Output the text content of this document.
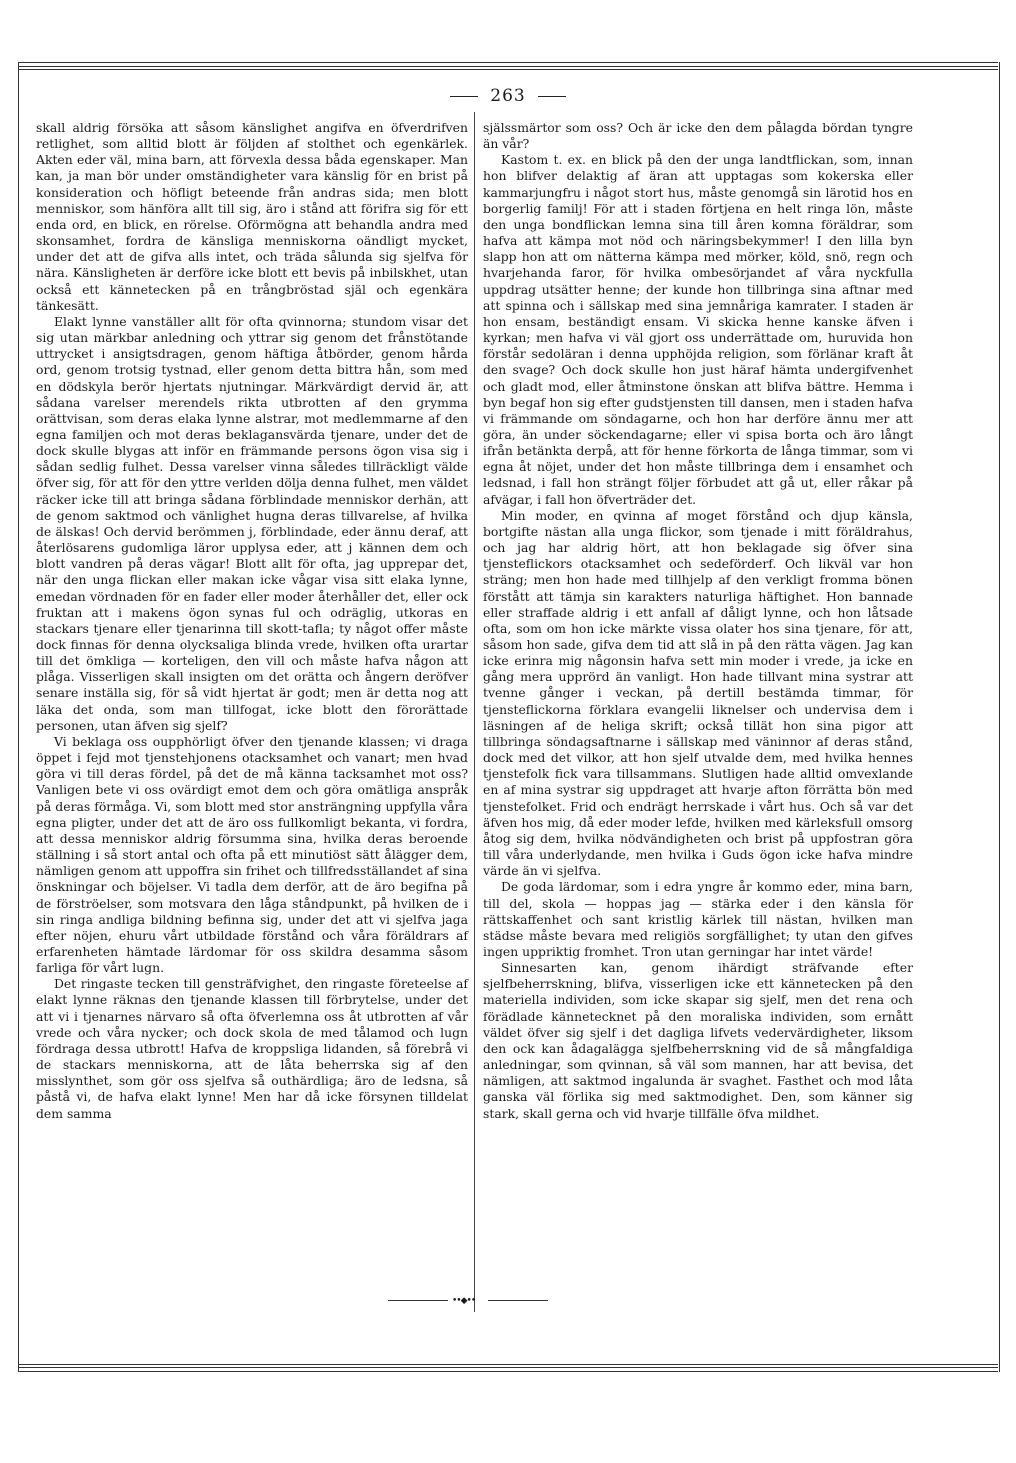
263

skall aldrig försöka att såsom känslighet angifva en öfverdrifven retlighet, som alltid blott är följden af stolthet och egenkärlek. Akten eder väl, mina barn, att förvexla dessa båda egenskaper. Man kan, ja man bör under omständigheter vara känslig för en brist på konsideration och höfligt beteende från andras sida; men blott menniskor, som hänföra allt till sig, äro i stånd att förifra sig för ett enda ord, en blick, en rörelse. Oförmögna att behandla andra med skonsamhet, fordra de känsliga menniskorna oändligt mycket, under det att de gifva alls intet, och träda sålunda sig sjelfva för nära. Känsligheten är derföre icke blott ett bevis på inbilskhet, utan också ett kännetecken på en trångbröstad själ och egenkära tänkesätt.

Elakt lynne vanställer allt för ofta qvinnorna; stundom visar det sig utan märkbar anledning och yttrar sig genom det frånstötande uttrycket i ansigtsdragen, genom häftiga åtbörder, genom hårda ord, genom trotsig tystnad, eller genom detta bittra hån, som med en dödskyla berör hjertats njutningar. Märkvärdigt dervid är, att sådana varelser merendels rikta utbrotten af den grymma orättvisan, som deras elaka lynne alstrar, mot medlemmarne af den egna familjen och mot deras beklagansvärda tjenare, under det de dock skulle blygas att inför en främmande persons ögon visa sig i sådan sedlig fulhet. Dessa varelser vinna således tillräckligt välde öfver sig, för att för den yttre verlden dölja denna fulhet, men väldet räcker icke till att bringa sådana förblindade menniskor derhän, att de genom saktmod och vänlighet hugna deras tillvarelse, af hvilka de älskas! Och dervid berömmen j, förblindade, eder ännu deraf, att återlösarens gudomliga läror upplysa eder, att j kännen dem och blott vandren på deras vägar! Blott allt för ofta, jag upprepar det, när den unga flickan eller makan icke vågar visa sitt elaka lynne, emedan vördnaden för en fader eller moder återhåller det, eller ock fruktan att i makens ögon synas ful och odräglig, utkoras en stackars tjenare eller tjenarinna till skott-tafla; ty något offer måste dock finnas för denna olycksaliga blinda vrede, hvilken ofta urartar till det ömkliga — korteligen, den vill och måste hafva någon att plåga. Visserligen skall insigten om det orätta och ångern deröfver senare inställa sig, för så vidt hjertat är godt; men är detta nog att läka det onda, som man tillfogat, icke blott den förorättade personen, utan äfven sig sjelf?

Vi beklaga oss oupphörligt öfver den tjenande klassen; vi draga öppet i fejd mot tjenstehjonens otacksamhet och vanart; men hvad göra vi till deras fördel, på det de må känna tacksamhet mot oss? Vanligen bete vi oss ovärdigt emot dem och göra omätliga anspråk på deras förmåga. Vi, som blott med stor ansträngning uppfylla våra egna pligter, under det att de äro oss fullkomligt bekanta, vi fordra, att dessa menniskor aldrig försumma sina, hvilka deras beroende ställning i så stort antal och ofta på ett minutiöst sätt ålägger dem, nämligen genom att uppoffra sin frihet och tillfredsställandet af sina önskningar och böjelser. Vi tadla dem derför, att de äro begifna på de förströelser, som motsvara den låga ståndpunkt, på hvilken de i sin ringa andliga bildning befinna sig, under det att vi sjelfva jaga efter nöjen, ehuru vårt utbildade förstånd och våra föräldrars af erfarenheten hämtade lärdomar för oss skildra desamma såsom farliga för vårt lugn.

Det ringaste tecken till gensträfvighet, den ringaste företeelse af elakt lynne räknas den tjenande klassen till förbrytelse, under det att vi i tjenarnes närvaro så ofta öfverlemna oss åt utbrotten af vår vrede och våra nycker; och dock skola de med tålamod och lugn fördraga dessa utbrott! Hafva de kroppsliga lidanden, så förebrå vi de stackars menniskorna, att de låta beherrska sig af den misslynthet, som gör oss sjelfva så outhärdliga; äro de ledsna, så påstå vi, de hafva elakt lynne! Men har då icke försynen tilldelat dem samma

själssmärtor som oss? Och är icke den dem pålagda bördan tyngre än vår?

Kastom t. ex. en blick på den der unga landtflickan, som, innan hon blifver delaktig af äran att upptagas som kokerska eller kammarjungfru i något stort hus, måste genomgå sin lärotid hos en borgerlig familj! För att i staden förtjena en helt ringa lön, måste den unga bondflickan lemna sina till åren komna föräldrar, som hafva att kämpa mot nöd och näringsbekymmer! I den lilla byn slapp hon att om nätterna kämpa med mörker, köld, snö, regn och hvarjehanda faror, för hvilka ombesörjandet af våra nyckfulla uppdrag utsätter henne; der kunde hon tillbringa sina aftnar med att spinna och i sällskap med sina jemnåriga kamrater. I staden är hon ensam, beständigt ensam. Vi skicka henne kanske äfven i kyrkan; men hafva vi väl gjort oss underrättade om, huruvida hon förstår sedoläran i denna upphöjda religion, som förlänar kraft åt den svage? Och dock skulle hon just häraf hämta undergifvenhet och gladt mod, eller åtminstone önskan att blifva bättre. Hemma i byn begaf hon sig efter gudstjensten till dansen, men i staden hafva vi främmande om söndagarne, och hon har derföre ännu mer att göra, än under söckendagarne; eller vi spisa borta och äro långt ifrån betänkta derpå, att för henne förkorta de långa timmar, som vi egna åt nöjet, under det hon måste tillbringa dem i ensamhet och ledsnad, i fall hon strängt följer förbudet att gå ut, eller råkar på afvägar, i fall hon öfverträder det.

Min moder, en qvinna af moget förstånd och djup känsla, bortgifte nästan alla unga flickor, som tjenade i mitt föräldrahus, och jag har aldrig hört, att hon beklagade sig öfver sina tjensteflickors otacksamhet och sedeförderf. Och likväl var hon sträng; men hon hade med tillhjelp af den verkligt fromma bönen förstått att tämja sin karakters naturliga häftighet. Hon bannade eller straffade aldrig i ett anfall af dåligt lynne, och hon låtsade ofta, som om hon icke märkte vissa olater hos sina tjenare, för att, såsom hon sade, gifva dem tid att slå in på den rätta vägen. Jag kan icke erinra mig någonsin hafva sett min moder i vrede, ja icke en gång mera upprörd än vanligt. Hon hade tillvant mina systrar att tvenne gånger i veckan, på dertill bestämda timmar, för tjensteflickorna förklara evangelii liknelser och undervisa dem i läsningen af de heliga skrift; också tillät hon sina pigor att tillbringa söndagsaftnarne i sällskap med väninnor af deras stånd, dock med det vilkor, att hon sjelf utvalde dem, med hvilka hennes tjenstefolk fick vara tillsammans. Slutligen hade alltid omvexlande en af mina systrar sig uppdraget att hvarje afton förrätta bön med tjenstefolket. Frid och endrägt herrskade i vårt hus. Och så var det äfven hos mig, då eder moder lefde, hvilken med kärleksfull omsorg åtog sig dem, hvilka nödvändigheten och brist på uppfostran göra till våra underlydande, men hvilka i Guds ögon icke hafva mindre värde än vi sjelfva.

De goda lärdomar, som i edra yngre år kommo eder, mina barn, till del, skola — hoppas jag — stärka eder i den känsla för rättskaffenhet och sant kristlig kärlek till nästan, hvilken man städse måste bevara med religiös sorgfällighet; ty utan den gifves ingen uppriktig fromhet. Tron utan gerningar har intet värde!

Sinnesarten kan, genom ihärdigt sträfvande efter sjelfbeherrskning, blifva, visserligen icke ett kännetecken på den materiella individen, som icke skapar sig sjelf, men det rena och förädlade kännetecknet på den moraliska individen, som ernått väldet öfver sig sjelf i det dagliga lifvets vedervärdigheter, liksom den ock kan ådagalägga sjelfbeherrskning vid de så mångfaldiga anledningar, som qvinnan, så väl som mannen, har att bevisa, det nämligen, att saktmod ingalunda är svaghet. Fasthet och mod låta ganska väl förlika sig med saktmodighet. Den, som känner sig stark, skall gerna och vid hvarje tillfälle öfva mildhet.

••◆••
